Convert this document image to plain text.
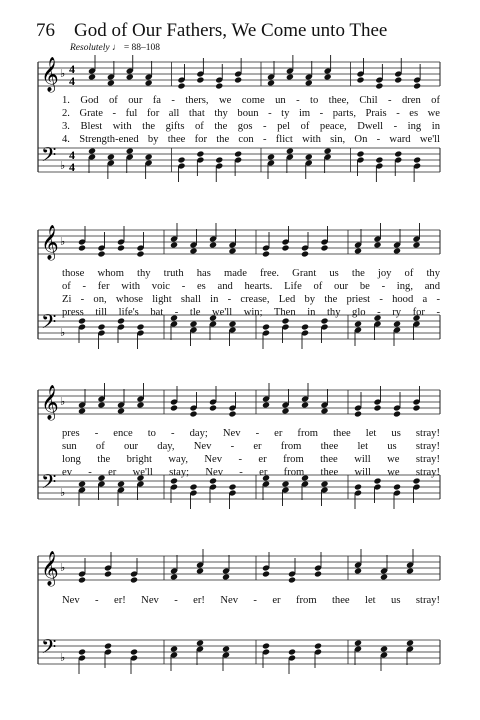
76 God of Our Fathers, We Come unto Thee
Resolutely ♩ = 88–108
𝄞
𝄢
♭
♭
4
4
4
4
𝄞
𝄢
♭
♭
𝄞
𝄢
♭
♭
𝄞
𝄢
♭
♭
1. God of our fa - thers, we come un - to thee, Chil - dren of
2. Grate - ful for all that thy boun - ty im - parts, Prais - es we
3. Blest with the gifts of the gos - pel of peace, Dwell - ing in
4. Strength-ened by thee for the con - flict with sin, On - ward we'll
those whom thy truth has made free. Grant us the joy of thy
of - fer with voic - es and hearts. Life of our be - ing, and
Zi - on, whose light shall in - crease, Led by the priest - hood a -
press till life's bat - tle we'll win; Then in thy glo - ry for -
pres - ence to - day; Nev - er from thee let us stray!
sun of our day, Nev - er from thee let us stray!
long the bright way, Nev - er from thee will we stray!
ev - er we'll stay; Nev - er from thee will we stray!
Nev - er! Nev - er! Nev - er from thee let us stray!
